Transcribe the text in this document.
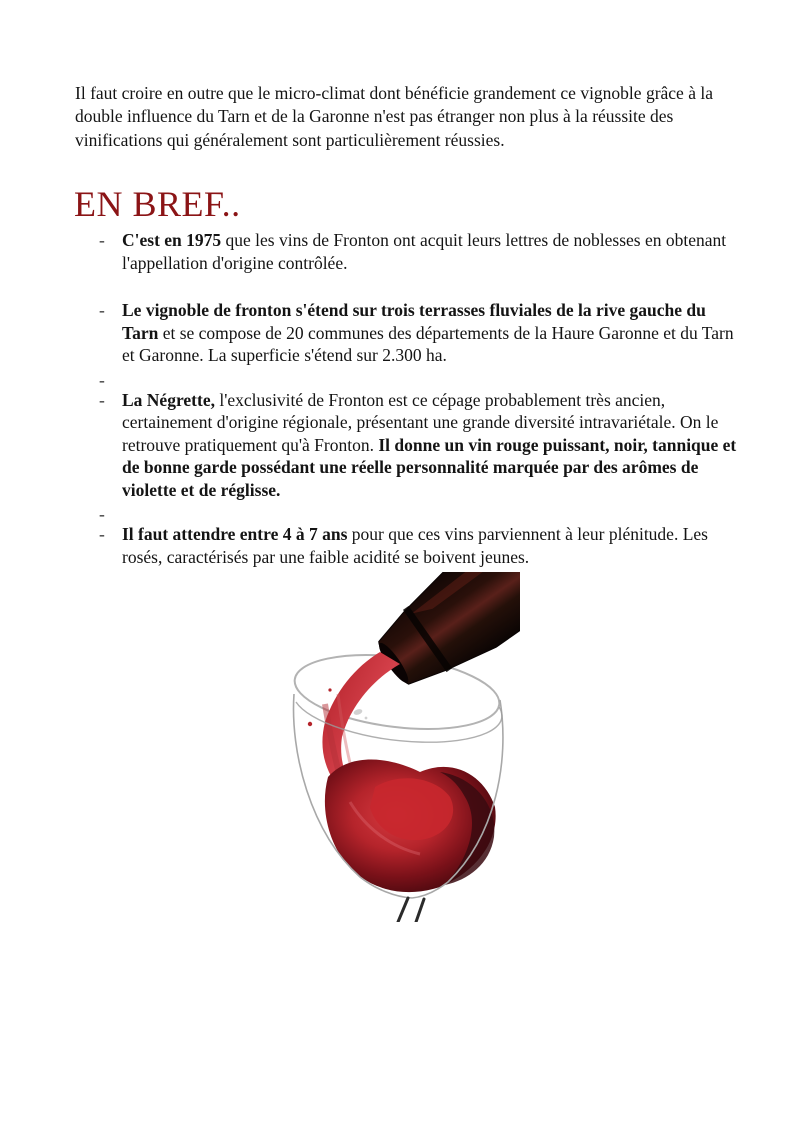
Il faut croire en outre que le micro-climat dont bénéficie grandement ce vignoble grâce à la double influence du Tarn et de la Garonne n'est pas étranger non plus à la réussite des vinifications qui généralement sont particulièrement réussies.

EN BREF..
- C'est en 1975 que les vins de Fronton ont acquit leurs lettres de noblesses en obtenant l'appellation d'origine contrôlée.
- Le vignoble de fronton s'étend sur trois terrasses fluviales de la rive gauche du Tarn et se compose de 20 communes des départements de la Haure Garonne et du Tarn et Garonne. La superficie s'étend sur 2.300 ha.
-
- La Négrette, l'exclusivité de Fronton est ce cépage probablement très ancien, certainement d'origine régionale, présentant une grande diversité intravariétale. On le retrouve pratiquement qu'à Fronton. Il donne un vin rouge puissant, noir, tannique et de bonne garde possédant une réelle personnalité marquée par des arômes de violette et de réglisse.
-
- Il faut attendre entre 4 à 7 ans pour que ces vins parviennent à leur plénitude. Les rosés, caractérisés par une faible acidité se boivent jeunes.
